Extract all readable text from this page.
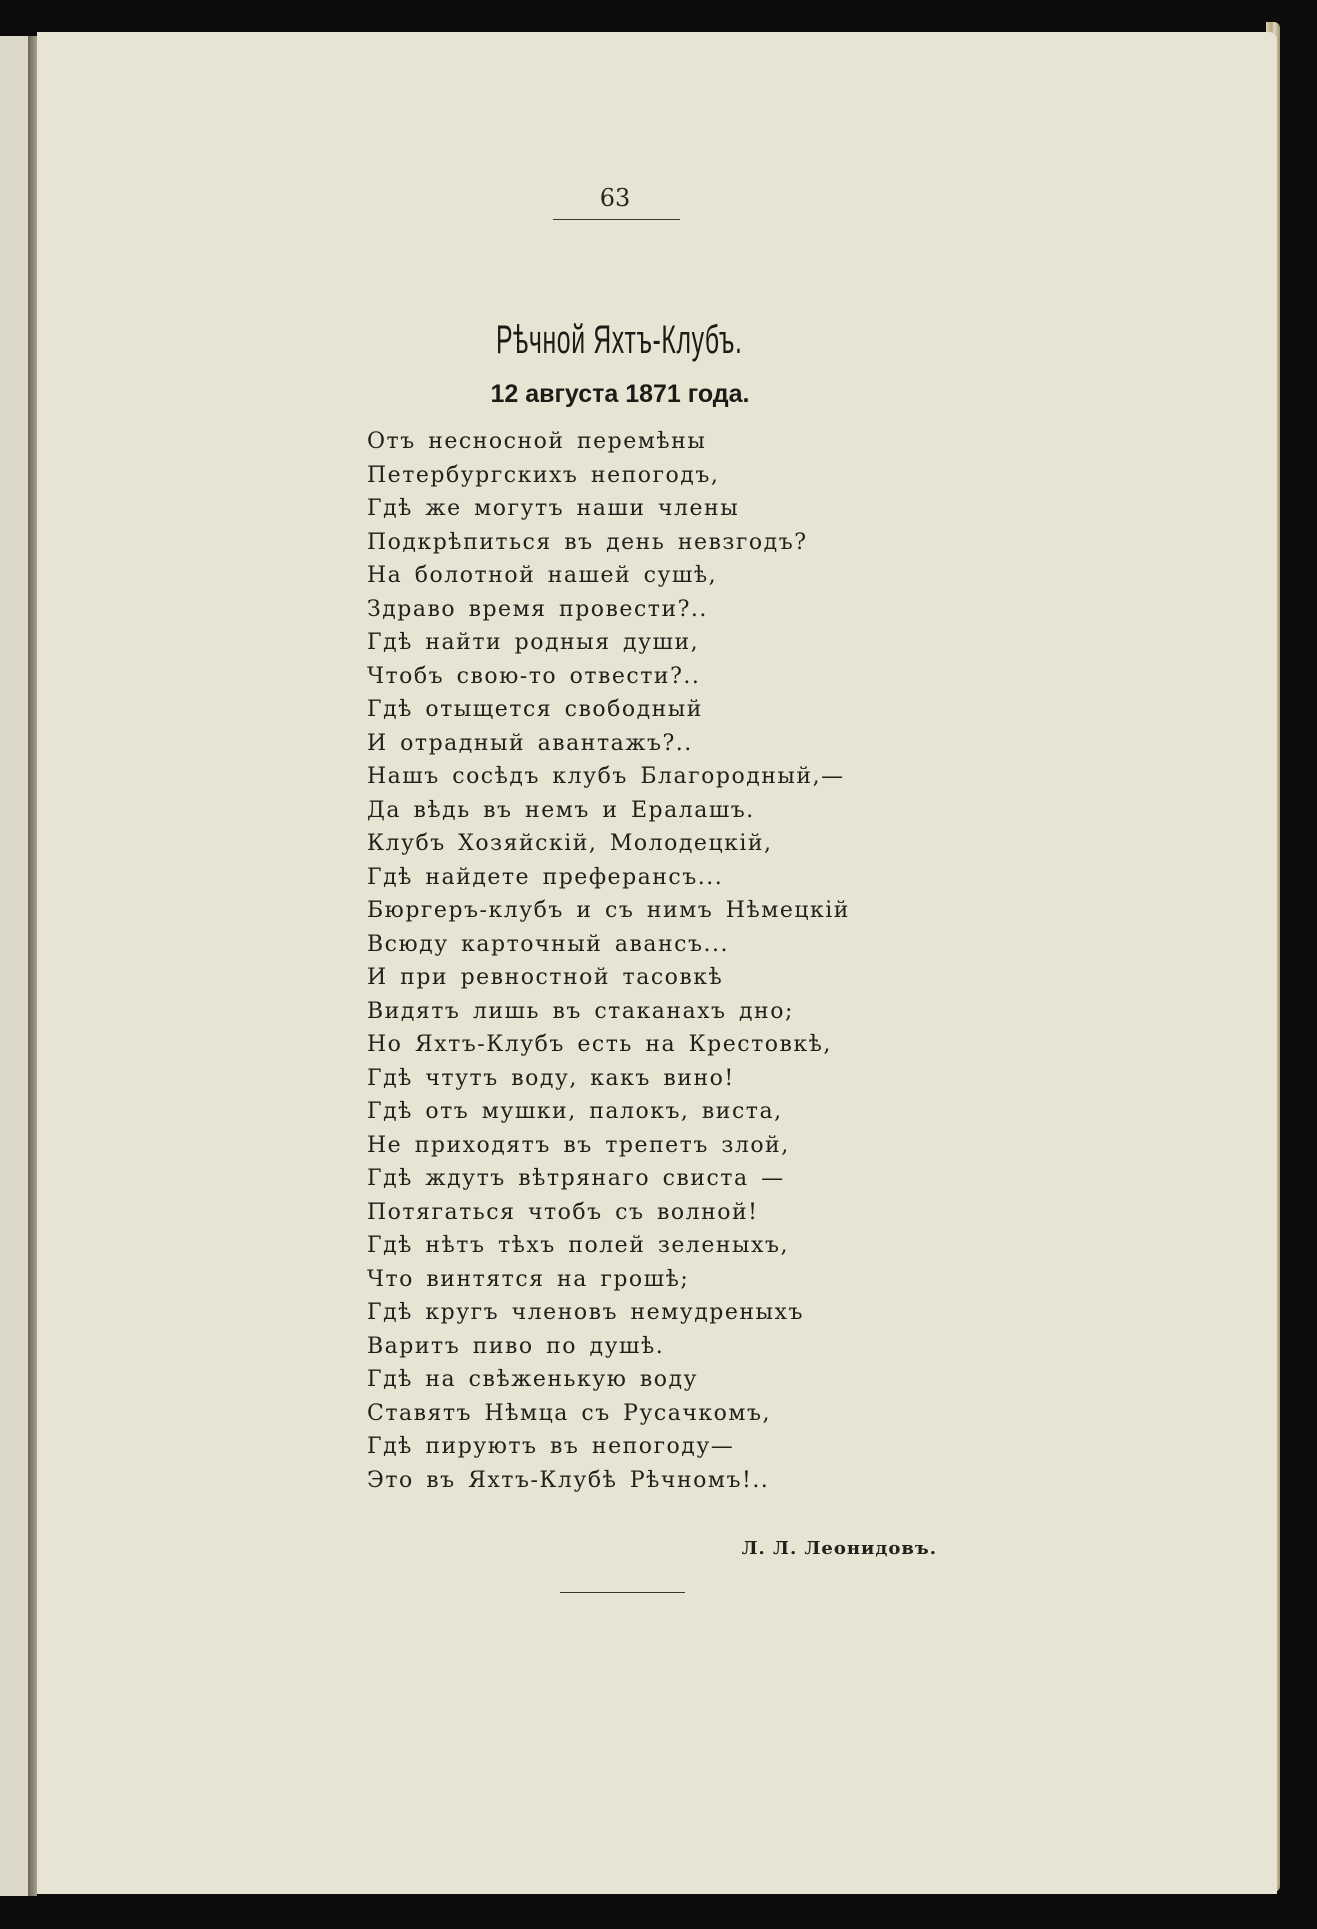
63
Рѣчной Яхтъ-Клубъ.
12 августа 1871 года.
Отъ несносной перемѣны
Петербургскихъ непогодъ,
Гдѣ же могутъ наши члены
Подкрѣпиться въ день невзгодъ?
На болотной нашей сушѣ,
Здраво время провести?..
Гдѣ найти родныя души,
Чтобъ свою-то отвести?..
Гдѣ отыщется свободный
И отрадный авантажъ?..
Нашъ сосѣдъ клубъ Благородный,—
Да вѣдь въ немъ и Ералашъ.
Клубъ Хозяйскій, Молодецкій,
Гдѣ найдете преферансъ...
Бюргеръ-клубъ и съ нимъ Нѣмецкій
Всюду карточный авансъ...
И при ревностной тасовкѣ
Видятъ лишь въ стаканахъ дно;
Но Яхтъ-Клубъ есть на Крестовкѣ,
Гдѣ чтутъ воду, какъ вино!
Гдѣ отъ мушки, палокъ, виста,
Не приходятъ въ трепетъ злой,
Гдѣ ждутъ вѣтрянаго свиста —
Потягаться чтобъ съ волной!
Гдѣ нѣтъ тѣхъ полей зеленыхъ,
Что винтятся на грошѣ;
Гдѣ кругъ членовъ немудреныхъ
Варитъ пиво по душѣ.
Гдѣ на свѣженькую воду
Ставятъ Нѣмца съ Русачкомъ,
Гдѣ пируютъ въ непогоду—
Это въ Яхтъ-Клубѣ Рѣчномъ!..
Л. Л. Леонидовъ.
